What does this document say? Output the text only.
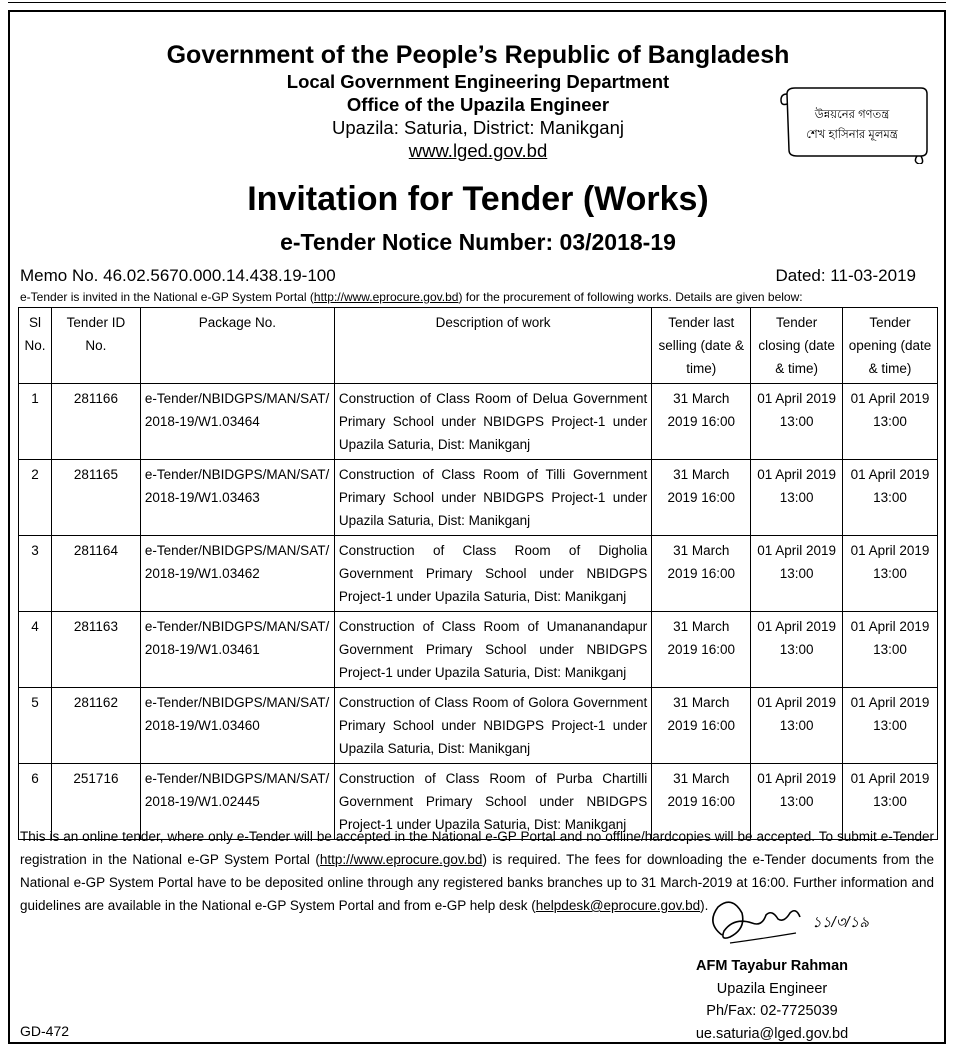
Government of the People’s Republic of Bangladesh
Local Government Engineering Department
Office of the Upazila Engineer
Upazila: Saturia, District: Manikganj
www.lged.gov.bd
উন্নয়নের গণতন্ত্র
শেখ হাসিনার মূলমন্ত্র
Invitation for Tender (Works)
e-Tender Notice Number: 03/2018-19
Memo No. 46.02.5670.000.14.438.19-100	Dated: 11-03-2019
e-Tender is invited in the National e-GP System Portal (http://www.eprocure.gov.bd) for the procurement of following works. Details are given below:
Sl No.	Tender ID No.	Package No.	Description of work	Tender last selling (date & time)	Tender closing (date & time)	Tender opening (date & time)
1	281166	e-Tender/NBIDGPS/MAN/SAT/ 2018-19/W1.03464	Construction of Class Room of Delua Government Primary School under NBIDGPS Project-1 under Upazila Saturia, Dist: Manikganj	31 March 2019 16:00	01 April 2019 13:00	01 April 2019 13:00
2	281165	e-Tender/NBIDGPS/MAN/SAT/ 2018-19/W1.03463	Construction of Class Room of Tilli Government Primary School under NBIDGPS Project-1 under Upazila Saturia, Dist: Manikganj	31 March 2019 16:00	01 April 2019 13:00	01 April 2019 13:00
3	281164	e-Tender/NBIDGPS/MAN/SAT/ 2018-19/W1.03462	Construction of Class Room of Digholia Government Primary School under NBIDGPS Project-1 under Upazila Saturia, Dist: Manikganj	31 March 2019 16:00	01 April 2019 13:00	01 April 2019 13:00
4	281163	e-Tender/NBIDGPS/MAN/SAT/ 2018-19/W1.03461	Construction of Class Room of Umananandapur Government Primary School under NBIDGPS Project-1 under Upazila Saturia, Dist: Manikganj	31 March 2019 16:00	01 April 2019 13:00	01 April 2019 13:00
5	281162	e-Tender/NBIDGPS/MAN/SAT/ 2018-19/W1.03460	Construction of Class Room of Golora Government Primary School under NBIDGPS Project-1 under Upazila Saturia, Dist: Manikganj	31 March 2019 16:00	01 April 2019 13:00	01 April 2019 13:00
6	251716	e-Tender/NBIDGPS/MAN/SAT/ 2018-19/W1.02445	Construction of Class Room of Purba Chartilli Government Primary School under NBIDGPS Project-1 under Upazila Saturia, Dist: Manikganj	31 March 2019 16:00	01 April 2019 13:00	01 April 2019 13:00
This is an online tender, where only e-Tender will be accepted in the National e-GP Portal and no offline/hardcopies will be accepted. To submit e-Tender registration in the National e-GP System Portal (http://www.eprocure.gov.bd) is required. The fees for downloading the e-Tender documents from the National e-GP System Portal have to be deposited online through any registered banks branches up to 31 March-2019 at 16:00. Further information and guidelines are available in the National e-GP System Portal and from e-GP help desk (helpdesk@eprocure.gov.bd).
১১/৩/১৯
AFM Tayabur Rahman
Upazila Engineer
Ph/Fax: 02-7725039
ue.saturia@lged.gov.bd
GD-472
